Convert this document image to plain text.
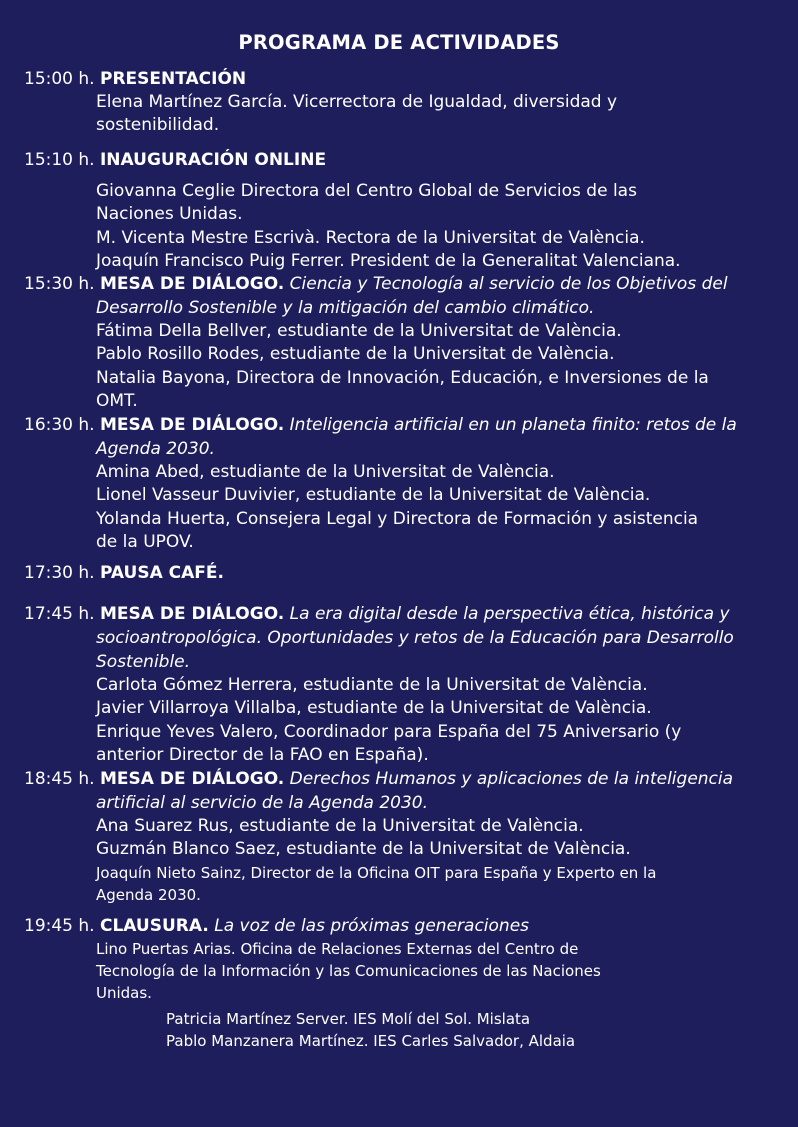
PROGRAMA DE ACTIVIDADES
15:00 h. PRESENTACIÓN
Elena Martínez García. Vicerrectora de Igualdad, diversidad y
sostenibilidad.
15:10 h. INAUGURACIÓN ONLINE
Giovanna Ceglie Directora del Centro Global de Servicios de las
Naciones Unidas.
M. Vicenta Mestre Escrivà. Rectora de la Universitat de València.
Joaquín Francisco Puig Ferrer. President de la Generalitat Valenciana.
15:30 h. MESA DE DIÁLOGO. Ciencia y Tecnología al servicio de los Objetivos del Desarrollo Sostenible y la mitigación del cambio climático.
Fátima Della Bellver, estudiante de la Universitat de València.
Pablo Rosillo Rodes, estudiante de la Universitat de València.
Natalia Bayona, Directora de Innovación, Educación, e Inversiones de la
OMT.
16:30 h. MESA DE DIÁLOGO. Inteligencia artificial en un planeta finito: retos de la Agenda 2030.
Amina Abed, estudiante de la Universitat de València.
Lionel Vasseur Duvivier, estudiante de la Universitat de València.
Yolanda Huerta, Consejera Legal y Directora de Formación y asistencia
de la UPOV.
17:30 h. PAUSA CAFÉ.
17:45 h. MESA DE DIÁLOGO. La era digital desde la perspectiva ética, histórica y socioantropológica. Oportunidades y retos de la Educación para Desarrollo Sostenible.
Carlota Gómez Herrera, estudiante de la Universitat de València.
Javier Villarroya Villalba, estudiante de la Universitat de València.
Enrique Yeves Valero, Coordinador para España del 75 Aniversario (y
anterior Director de la FAO en España).
18:45 h. MESA DE DIÁLOGO. Derechos Humanos y aplicaciones de la inteligencia artificial al servicio de la Agenda 2030.
Ana Suarez Rus, estudiante de la Universitat de València.
Guzmán Blanco Saez, estudiante de la Universitat de València.
Joaquín Nieto Sainz, Director de la Oficina OIT para España y Experto en la
Agenda 2030.
19:45 h. CLAUSURA. La voz de las próximas generaciones
Lino Puertas Arias. Oficina de Relaciones Externas del Centro de
Tecnología de la Información y las Comunicaciones de las Naciones
Unidas.
Patricia Martínez Server. IES Molí del Sol. Mislata
Pablo Manzanera Martínez. IES Carles Salvador, Aldaia
